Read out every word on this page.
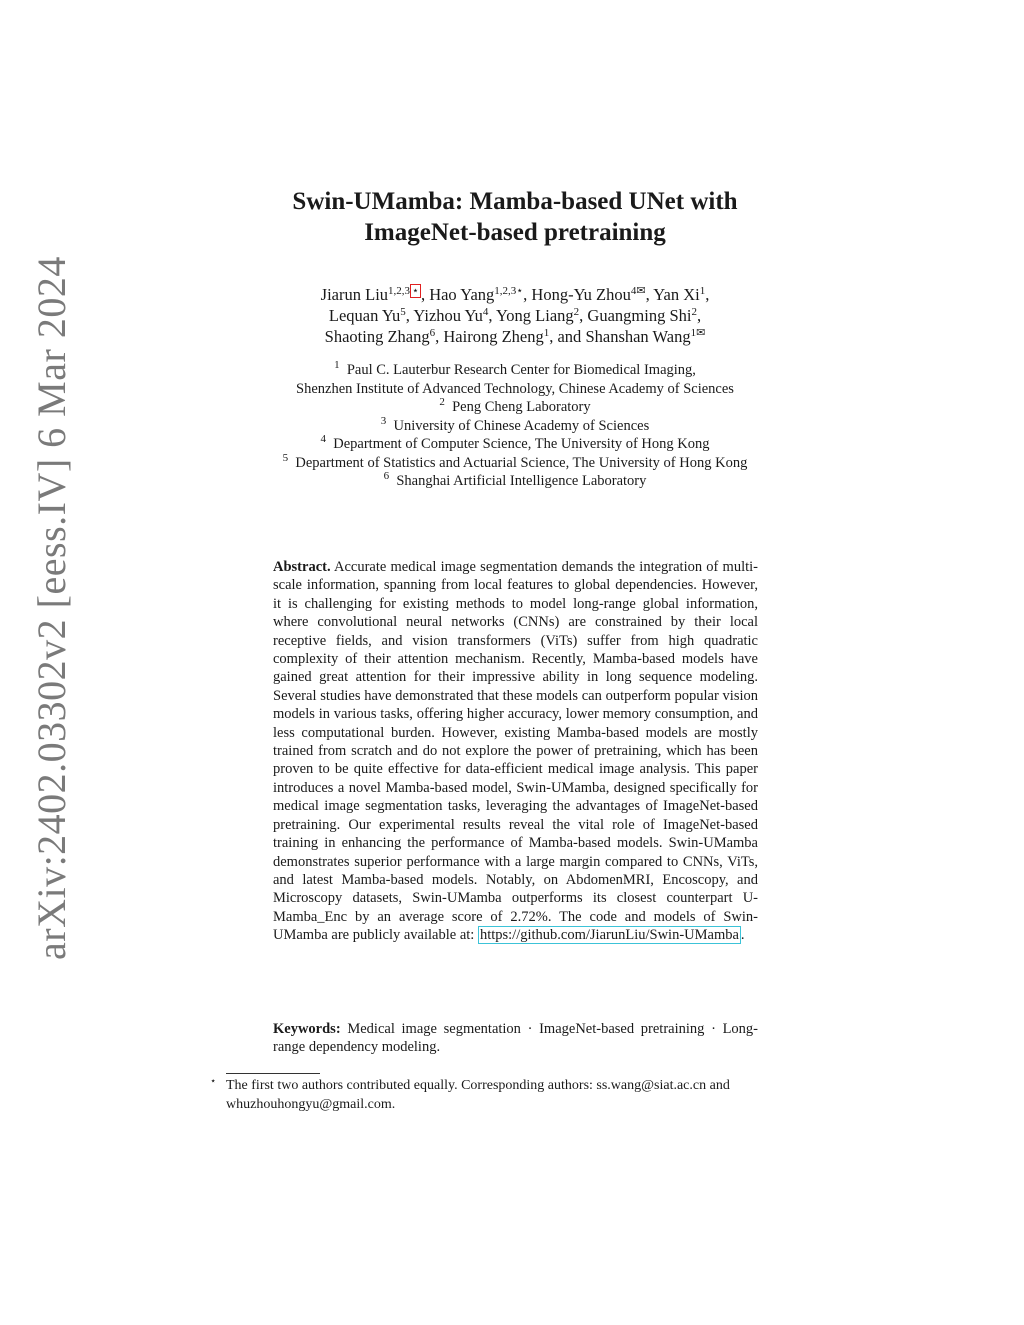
arXiv:2402.03302v2 [eess.IV] 6 Mar 2024
Swin-UMamba: Mamba-based UNet with
ImageNet-based pretraining
Jiarun Liu$^{1,2,3}$ ⋆ , Hao Yang$^{1,2,3⋆}$, Hong-Yu Zhou$^{4✉}$, Yan Xi$^1$,
Lequan Yu$^5$, Yizhou Yu$^4$, Yong Liang$^2$, Guangming Shi$^2$,
Shaoting Zhang$^6$, Hairong Zheng$^1$, and Shanshan Wang$^{1✉}$
$^1$ Paul C. Lauterbur Research Center for Biomedical Imaging,
Shenzhen Institute of Advanced Technology, Chinese Academy of Sciences
$^2$ Peng Cheng Laboratory
$^3$ University of Chinese Academy of Sciences
$^4$ Department of Computer Science, The University of Hong Kong
$^5$ Department of Statistics and Actuarial Science, The University of Hong Kong
$^6$ Shanghai Artificial Intelligence Laboratory
Abstract. Accurate medical image segmentation demands the integration of multi-scale information, spanning from local features to global dependencies. However, it is challenging for existing methods to model long-range global information, where convolutional neural networks (CNNs) are constrained by their local receptive fields, and vision transformers (ViTs) suffer from high quadratic complexity of their attention mechanism. Recently, Mamba-based models have gained great attention for their impressive ability in long sequence modeling. Several studies have demonstrated that these models can outperform popular vision models in various tasks, offering higher accuracy, lower memory consumption, and less computational burden. However, existing Mamba-based models are mostly trained from scratch and do not explore the power of pretraining, which has been proven to be quite effective for data-efficient medical image analysis. This paper introduces a novel Mamba-based model, Swin-UMamba, designed specifically for medical image segmentation tasks, leveraging the advantages of ImageNet-based pretraining. Our experimental results reveal the vital role of ImageNet-based training in enhancing the performance of Mamba-based models. Swin-UMamba demonstrates superior performance with a large margin compared to CNNs, ViTs, and latest Mamba-based models. Notably, on AbdomenMRI, Encoscopy, and Microscopy datasets, Swin-UMamba outperforms its closest counterpart U-Mamba_Enc by an average score of 2.72%. The code and models of Swin-UMamba are publicly available at: https://github.com/JiarunLiu/Swin-UMamba .
Keywords: Medical image segmentation · ImageNet-based pretraining · Long-range dependency modeling.
⋆ The first two authors contributed equally. Corresponding authors: ss.wang@siat.ac.cn and whuzhouhongyu@gmail.com.
